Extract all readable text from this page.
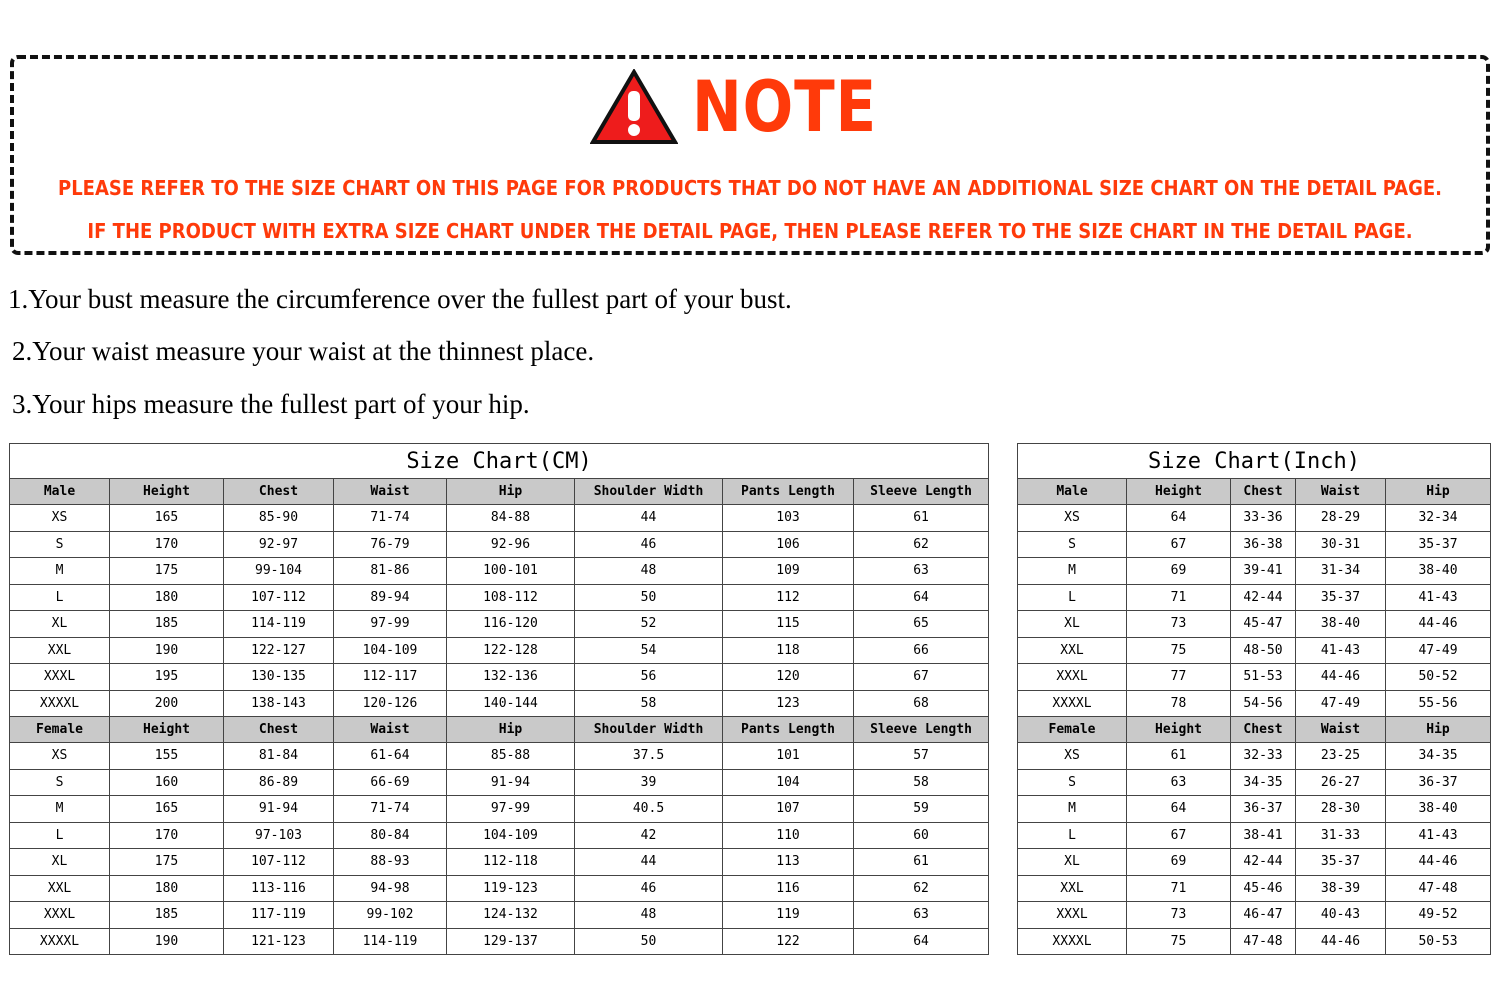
NOTE
PLEASE REFER TO THE SIZE CHART ON THIS PAGE FOR PRODUCTS THAT DO NOT HAVE AN ADDITIONAL SIZE CHART ON THE DETAIL PAGE.
IF THE PRODUCT WITH EXTRA SIZE CHART UNDER THE DETAIL PAGE, THEN PLEASE REFER TO THE SIZE CHART IN THE DETAIL PAGE.
1.Your bust measure the circumference over the fullest part of your bust.
2.Your waist measure your waist at the thinnest place.
3.Your hips measure the fullest part of your hip.
Size Chart(CM)							
Male	Height	Chest	Waist	Hip	Shoulder Width	Pants Length	Sleeve Length
XS	165	85-90	71-74	84-88	44	103	61
S	170	92-97	76-79	92-96	46	106	62
M	175	99-104	81-86	100-101	48	109	63
L	180	107-112	89-94	108-112	50	112	64
XL	185	114-119	97-99	116-120	52	115	65
XXL	190	122-127	104-109	122-128	54	118	66
XXXL	195	130-135	112-117	132-136	56	120	67
XXXXL	200	138-143	120-126	140-144	58	123	68
Female	Height	Chest	Waist	Hip	Shoulder Width	Pants Length	Sleeve Length
XS	155	81-84	61-64	85-88	37.5	101	57
S	160	86-89	66-69	91-94	39	104	58
M	165	91-94	71-74	97-99	40.5	107	59
L	170	97-103	80-84	104-109	42	110	60
XL	175	107-112	88-93	112-118	44	113	61
XXL	180	113-116	94-98	119-123	46	116	62
XXXL	185	117-119	99-102	124-132	48	119	63
XXXXL	190	121-123	114-119	129-137	50	122	64
Size Chart(Inch)				
Male	Height	Chest	Waist	Hip
XS	64	33-36	28-29	32-34
S	67	36-38	30-31	35-37
M	69	39-41	31-34	38-40
L	71	42-44	35-37	41-43
XL	73	45-47	38-40	44-46
XXL	75	48-50	41-43	47-49
XXXL	77	51-53	44-46	50-52
XXXXL	78	54-56	47-49	55-56
Female	Height	Chest	Waist	Hip
XS	61	32-33	23-25	34-35
S	63	34-35	26-27	36-37
M	64	36-37	28-30	38-40
L	67	38-41	31-33	41-43
XL	69	42-44	35-37	44-46
XXL	71	45-46	38-39	47-48
XXXL	73	46-47	40-43	49-52
XXXXL	75	47-48	44-46	50-53
